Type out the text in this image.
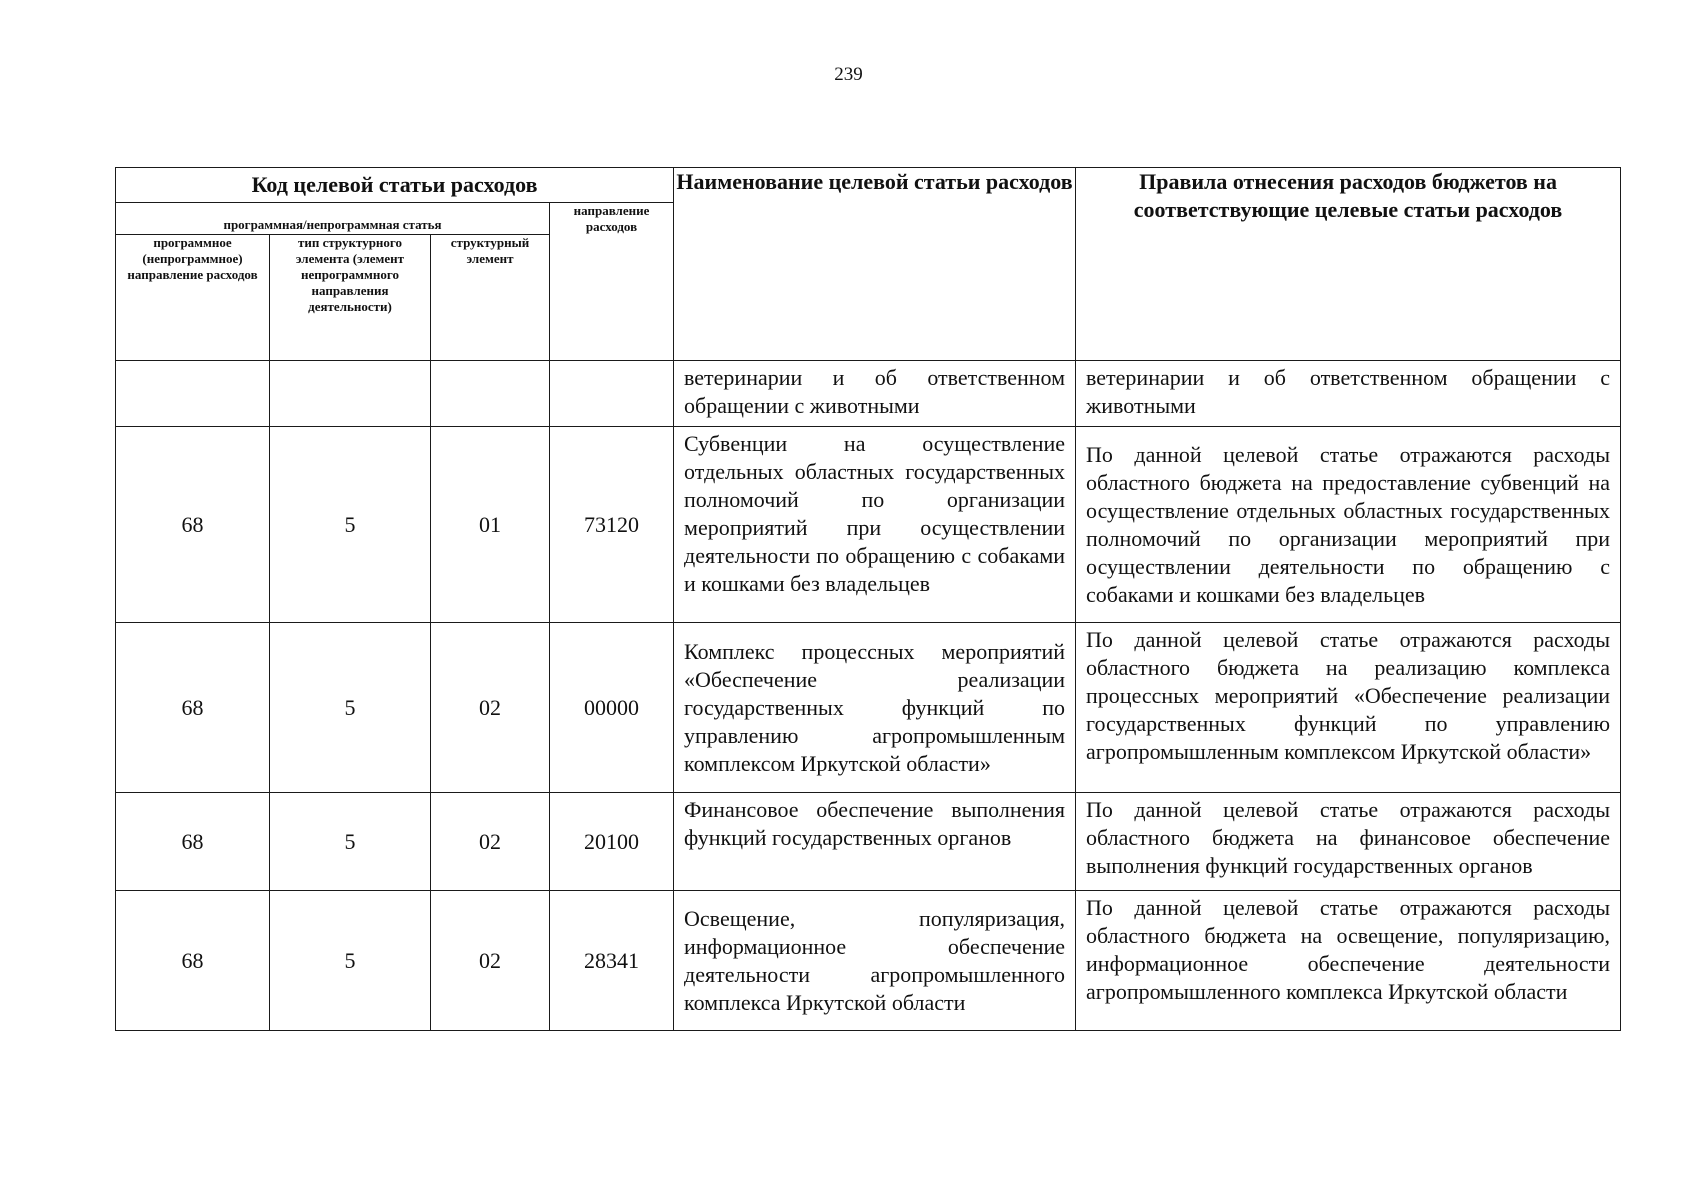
239
Код целевой статьи расходов				Наименование целевой статьи расходов	Правила отнесения расходов бюджетов на соответствующие целевые статьи расходов
программная/непрограммная статья			направление расходов		
программное (непрограммное) направление расходов	тип структурного элемента (элемент непрограммного направления деятельности)	структурный элемент			
				ветеринарии и об ответственном обращении с животными	ветеринарии и об ответственном обращении с животными
68	5	01	73120	Субвенции на осуществление отдельных областных государственных полномочий по организации мероприятий при осуществлении деятельности по обращению с собаками и кошками без владельцев	По данной целевой статье отражаются расходы областного бюджета на предоставление субвенций на осуществление отдельных областных государственных полномочий по организации мероприятий при осуществлении деятельности по обращению с собаками и кошками без владельцев
68	5	02	00000	Комплекс процессных мероприятий «Обеспечение реализации государственных функций по управлению агропромышленным комплексом Иркутской области»	По данной целевой статье отражаются расходы областного бюджета на реализацию комплекса процессных мероприятий «Обеспечение реализации государственных функций по управлению агропромышленным комплексом Иркутской области»
68	5	02	20100	Финансовое обеспечение выполнения функций государственных органов	По данной целевой статье отражаются расходы областного бюджета на финансовое обеспечение выполнения функций государственных органов
68	5	02	28341	Освещение, популяризация, информационное обеспечение деятельности агропромышленного комплекса Иркутской области	По данной целевой статье отражаются расходы областного бюджета на освещение, популяризацию, информационное обеспечение деятельности агропромышленного комплекса Иркутской области
